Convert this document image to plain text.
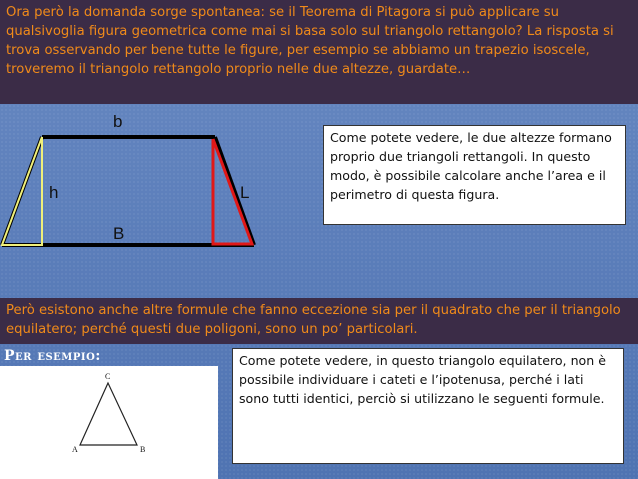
Ora però la domanda sorge spontanea: se il Teorema di Pitagora si può applicare su qualsivoglia figura geometrica come mai si basa solo sul triangolo rettangolo? La risposta si trova osservando per bene tutte le figure, per esempio se abbiamo un trapezio isoscele, troveremo il triangolo rettangolo proprio nelle due altezze, guardate…
b
B
h	L
Come potete vedere, le due altezze formano proprio due triangoli rettangoli. In questo modo, è possibile calcolare anche l’area e il perimetro di questa figura.
Però esistono anche altre formule che fanno eccezione sia per il quadrato che per il triangolo equilatero; perché questi due poligoni, sono un po’ particolari.
Per esempio:
C
A	B
Come potete vedere, in questo triangolo equilatero, non è possibile individuare i cateti e l’ipotenusa, perché i lati sono tutti identici, perciò si utilizzano le seguenti formule.
